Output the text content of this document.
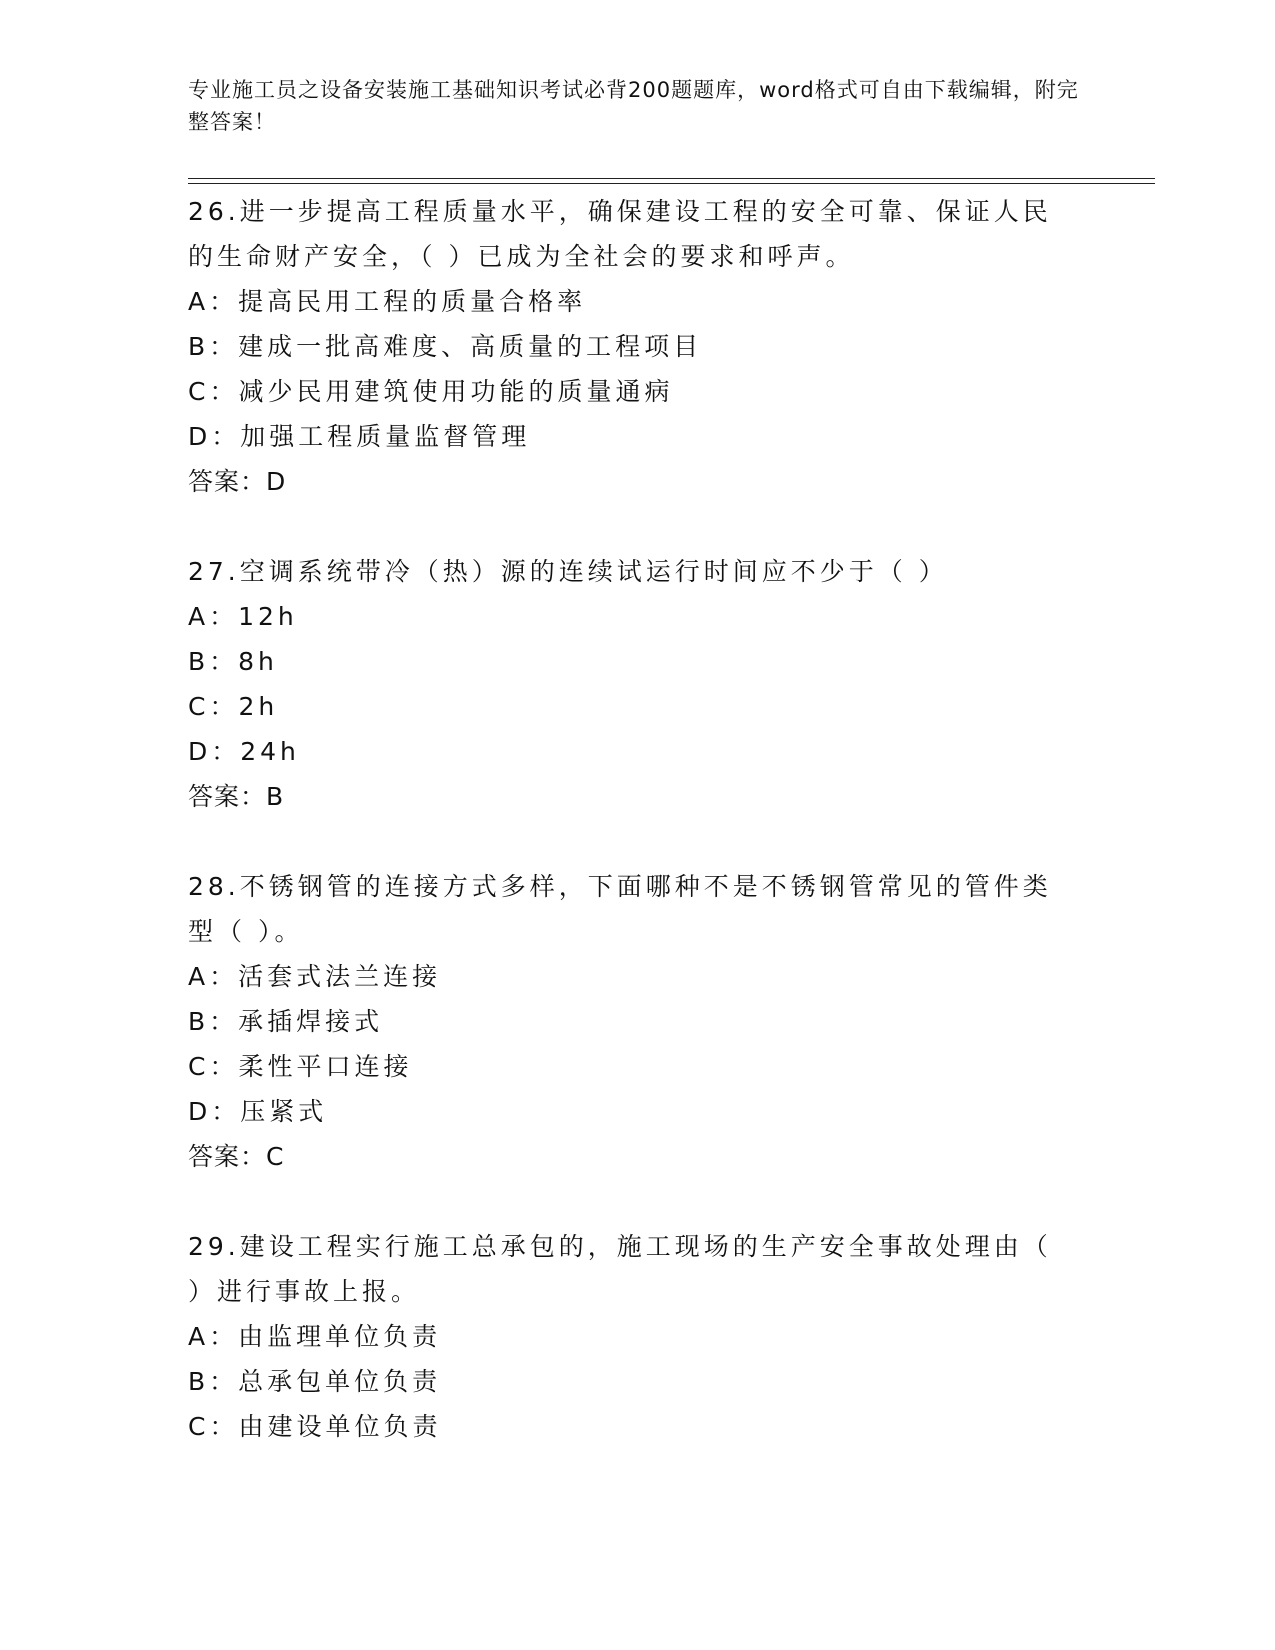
专业施工员之设备安装施工基础知识考试必背200题题库，word格式可自由下载编辑，附完整答案！
26.进一步提高工程质量水平，确保建设工程的安全可靠、保证人民的生命财产安全，（ ）已成为全社会的要求和呼声。
A：提高民用工程的质量合格率
B：建成一批高难度、高质量的工程项目
C：减少民用建筑使用功能的质量通病
D：加强工程质量监督管理
答案：D
27.空调系统带冷（热）源的连续试运行时间应不少于（ ）
A：12h
B：8h
C：2h
D：24h
答案：B
28.不锈钢管的连接方式多样，下面哪种不是不锈钢管常见的管件类型（ ）。
A：活套式法兰连接
B：承插焊接式
C：柔性平口连接
D：压紧式
答案：C
29.建设工程实行施工总承包的，施工现场的生产安全事故处理由（ ）进行事故上报。
A：由监理单位负责
B：总承包单位负责
C：由建设单位负责
